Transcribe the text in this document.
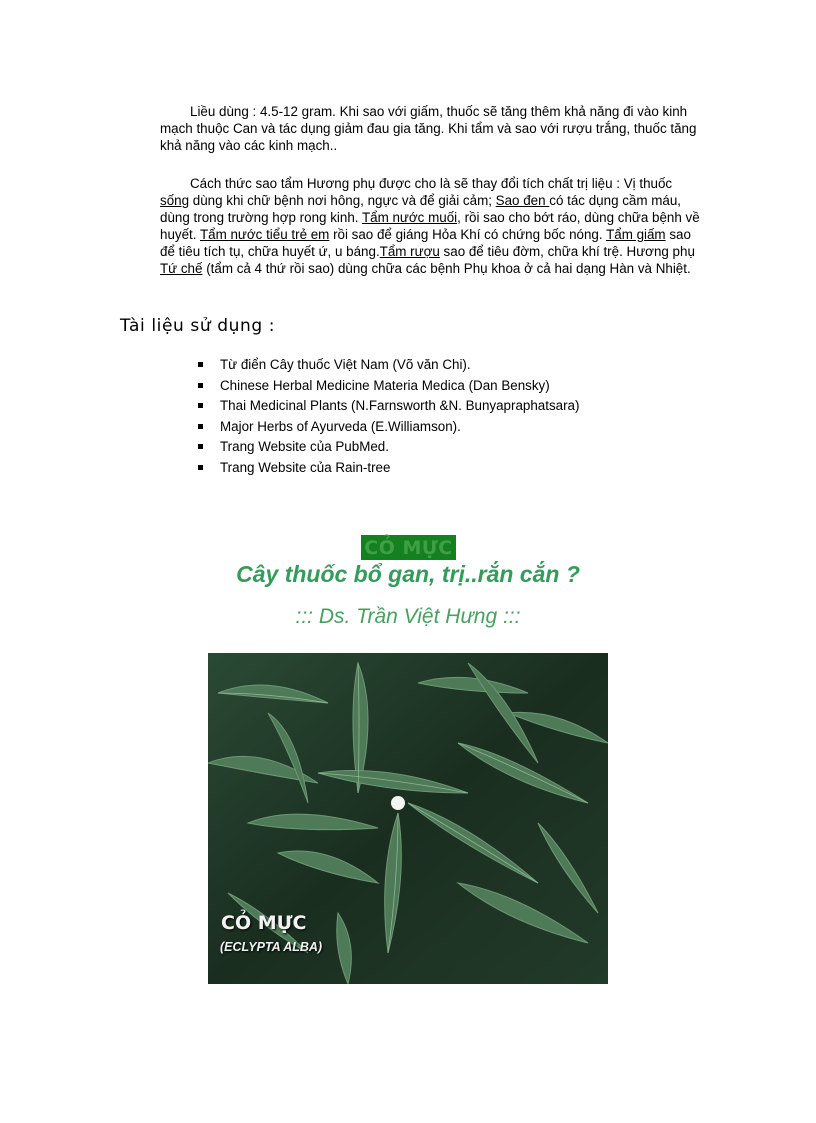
Liều dùng : 4.5-12 gram. Khi sao với giấm, thuốc sẽ tăng thêm khả năng đi vào kinh mạch thuộc Can và tác dụng giảm đau gia tăng. Khi tẩm và sao với rượu trắng, thuốc tăng khả năng vào các kinh mạch..
Cách thức sao tẩm Hương phụ được cho là sẽ thay đổi tích chất trị liệu : Vị thuốc sống dùng khi chữ bệnh nơi hông, ngực và để giải cảm; Sao đen có tác dụng cầm máu, dùng trong trường hợp rong kinh. Tẩm nước muối, rồi sao cho bớt ráo, dùng chữa bệnh về huyết. Tẩm nước tiểu trẻ em rồi sao để giáng Hỏa Khí có chứng bốc nóng. Tẩm giấm sao để tiêu tích tụ, chữa huyết ứ, u báng.Tẩm rượu sao để tiêu đờm, chữa khí trệ. Hương phụ Tứ chế (tẩm cả 4 thứ rồi sao) dùng chữa các bệnh Phụ khoa ở cả hai dạng Hàn và Nhiệt.
Tài liệu sử dụng :
Từ điển Cây thuốc Việt Nam (Võ văn Chi).
Chinese Herbal Medicine Materia Medica (Dan Bensky)
Thai Medicinal Plants (N.Farnsworth &N. Bunyapraphatsara)
Major Herbs of Ayurveda (E.Williamson).
Trang Website của PubMed.
Trang Website của Rain-tree
CỎ MỰC
Cây thuốc bổ gan, trị..rắn cắn ?
::: Ds. Trần Việt Hưng :::
CỎ MỰC
(ECLYPTA ALBA)
